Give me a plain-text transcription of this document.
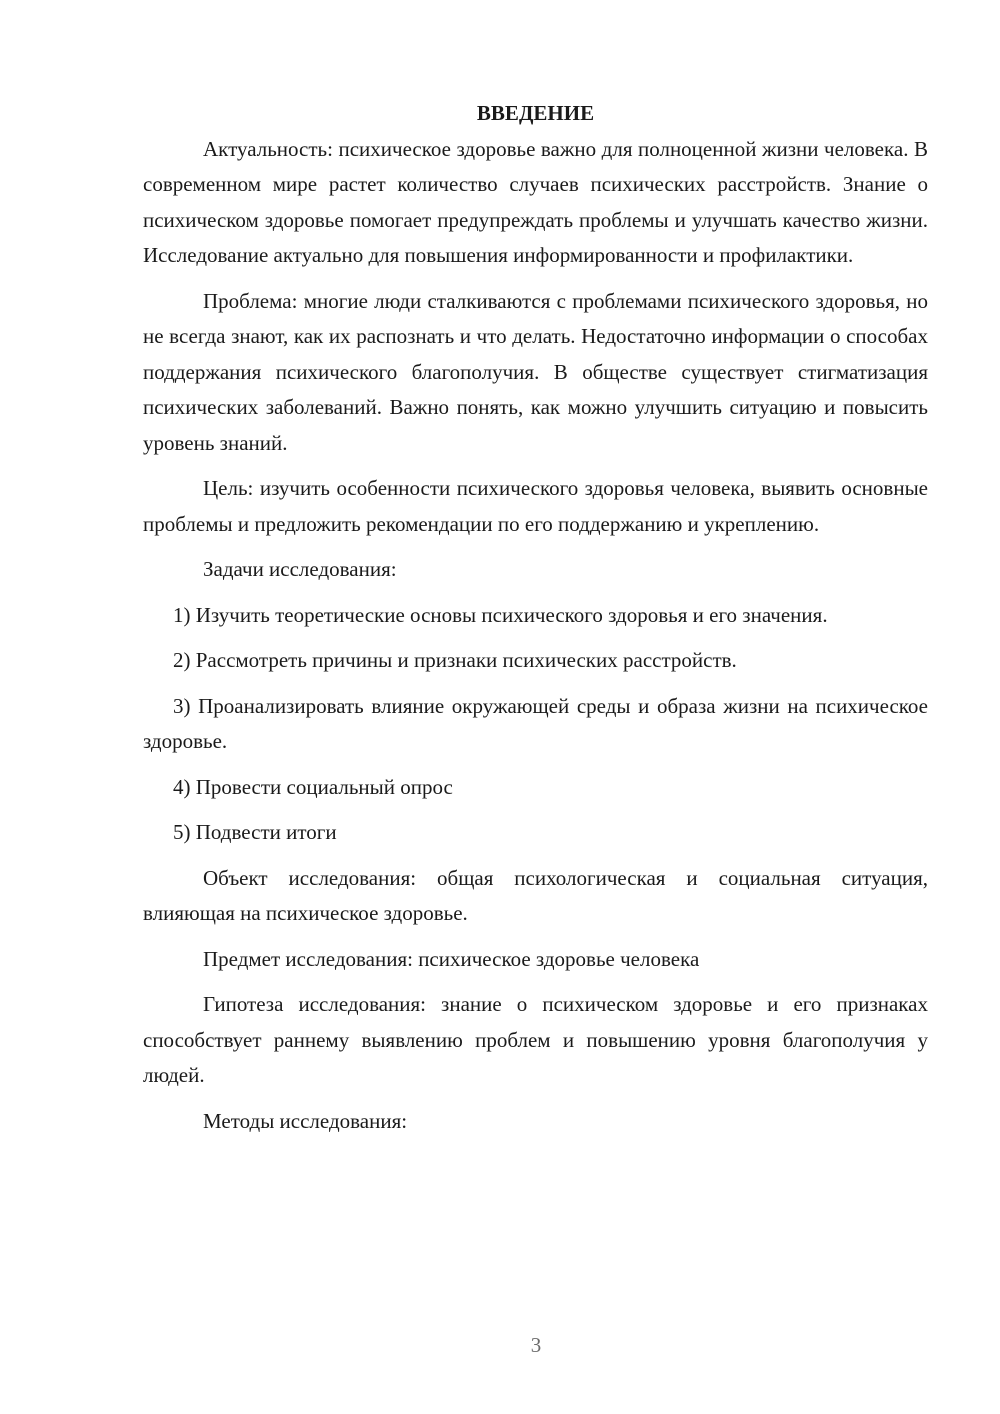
ВВЕДЕНИЕ

Актуальность: психическое здоровье важно для полноценной жизни человека. В современном мире растет количество случаев психических расстройств. Знание о психическом здоровье помогает предупреждать проблемы и улучшать качество жизни. Исследование актуально для повышения информированности и профилактики.

Проблема: многие люди сталкиваются с проблемами психического здоровья, но не всегда знают, как их распознать и что делать. Недостаточно информации о способах поддержания психического благополучия. В обществе существует стигматизация психических заболеваний. Важно понять, как можно улучшить ситуацию и повысить уровень знаний.

Цель: изучить особенности психического здоровья человека, выявить основные проблемы и предложить рекомендации по его поддержанию и укреплению.

Задачи исследования:

1) Изучить теоретические основы психического здоровья и его значения.

2) Рассмотреть причины и признаки психических расстройств.

3) Проанализировать влияние окружающей среды и образа жизни на психическое здоровье.

4) Провести социальный опрос

5) Подвести итоги

Объект исследования: общая психологическая и социальная ситуация, влияющая на психическое здоровье.

Предмет исследования: психическое здоровье человека

Гипотеза исследования: знание о психическом здоровье и его признаках способствует раннему выявлению проблем и повышению уровня благополучия у людей.

Методы исследования:

3
